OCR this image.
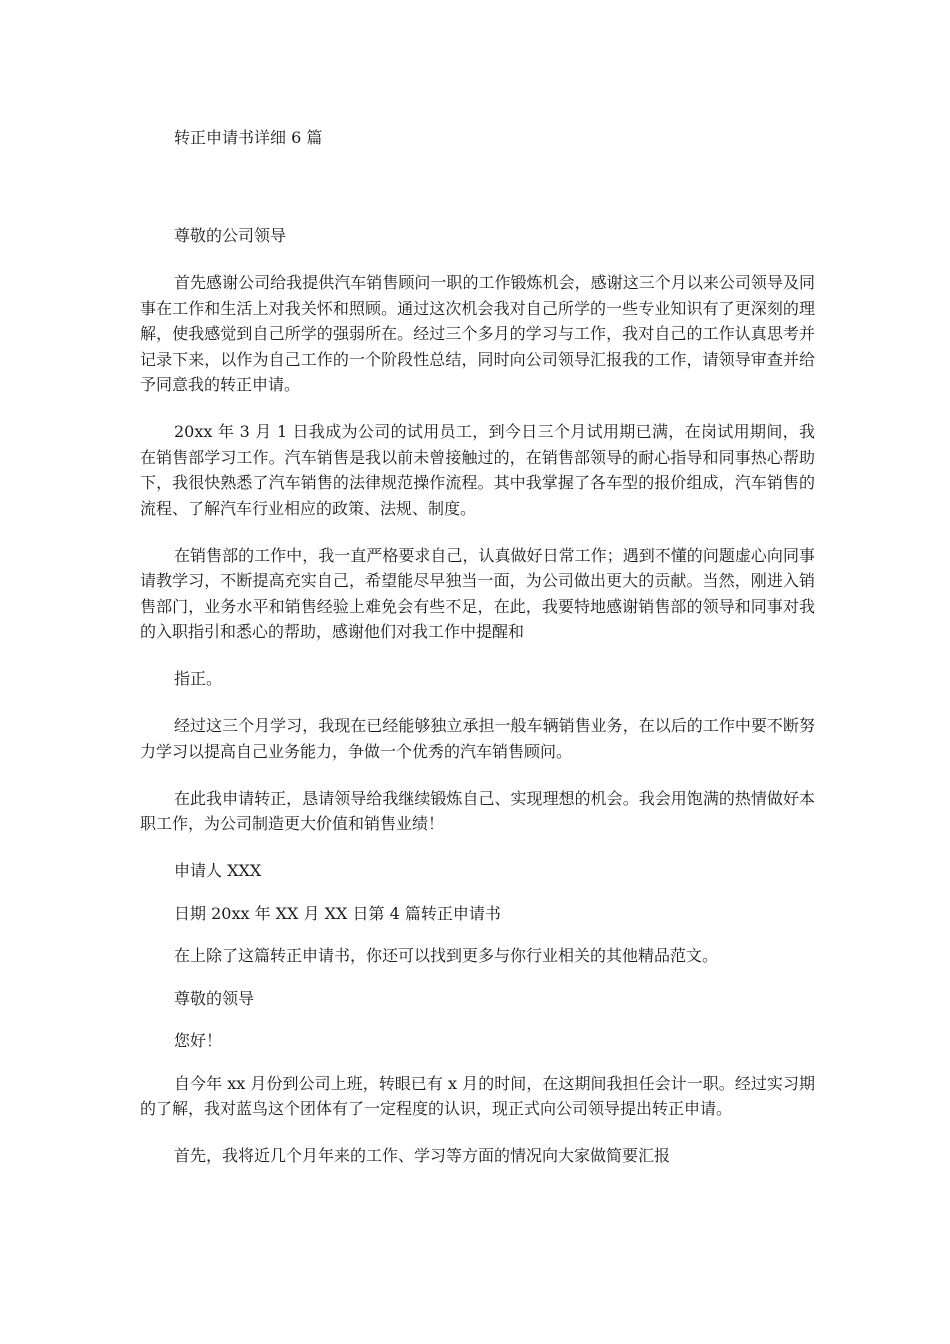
转正申请书详细 6 篇

尊敬的公司领导

首先感谢公司给我提供汽车销售顾问一职的工作锻炼机会，感谢这三个月以来公司领导及同事在工作和生活上对我关怀和照顾。通过这次机会我对自己所学的一些专业知识有了更深刻的理解，使我感觉到自己所学的强弱所在。经过三个多月的学习与工作，我对自己的工作认真思考并记录下来，以作为自己工作的一个阶段性总结，同时向公司领导汇报我的工作，请领导审查并给予同意我的转正申请。

20xx 年 3 月 1 日我成为公司的试用员工，到今日三个月试用期已满，在岗试用期间，我在销售部学习工作。汽车销售是我以前未曾接触过的，在销售部领导的耐心指导和同事热心帮助下，我很快熟悉了汽车销售的法律规范操作流程。其中我掌握了各车型的报价组成，汽车销售的流程、了解汽车行业相应的政策、法规、制度。

在销售部的工作中，我一直严格要求自己，认真做好日常工作；遇到不懂的问题虚心向同事请教学习，不断提高充实自己，希望能尽早独当一面，为公司做出更大的贡献。当然，刚进入销售部门，业务水平和销售经验上难免会有些不足，在此，我要特地感谢销售部的领导和同事对我的入职指引和悉心的帮助，感谢他们对我工作中提醒和

指正。

经过这三个月学习，我现在已经能够独立承担一般车辆销售业务，在以后的工作中要不断努力学习以提高自己业务能力，争做一个优秀的汽车销售顾问。

在此我申请转正，恳请领导给我继续锻炼自己、实现理想的机会。我会用饱满的热情做好本职工作，为公司制造更大价值和销售业绩！

申请人 XXX

日期 20xx 年 XX 月 XX 日第 4 篇转正申请书

在上除了这篇转正申请书，你还可以找到更多与你行业相关的其他精品范文。

尊敬的领导

您好！

自今年 xx 月份到公司上班，转眼已有 x 月的时间，在这期间我担任会计一职。经过实习期的了解，我对蓝鸟这个团体有了一定程度的认识，现正式向公司领导提出转正申请。

首先，我将近几个月年来的工作、学习等方面的情况向大家做简要汇报
